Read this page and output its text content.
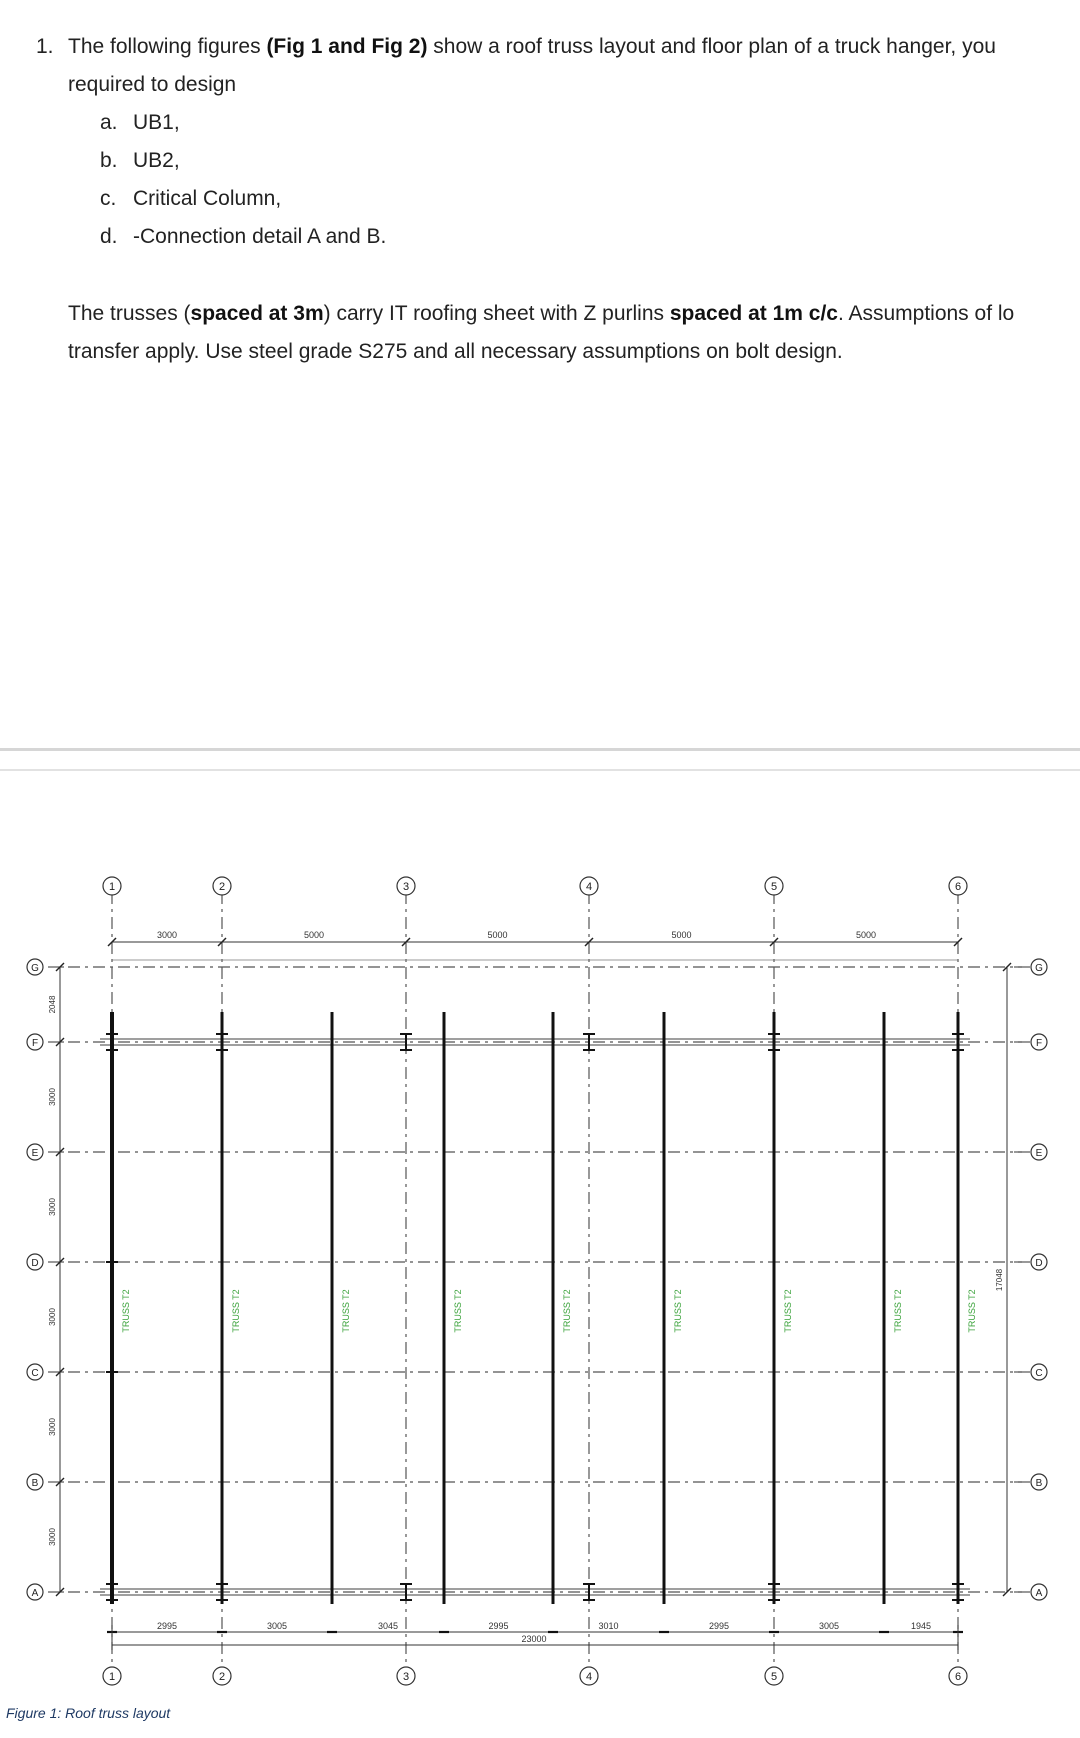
1. The following figures (Fig 1 and Fig 2) show a roof truss layout and floor plan of a truck hanger, you
required to design
a. UB1,
b. UB2,
c. Critical Column,
d. -Connection detail A and B.
The trusses (spaced at 3m) carry IT roofing sheet with Z purlins spaced at 1m c/c. Assumptions of lo
transfer apply. Use steel grade S275 and all necessary assumptions on bolt design.
G	G
F	F
E	E
D	D
C	C
B	B
A	A
1
1
2
2
3
3
4
4
5
5
6
6
3000	5000	5000	5000	5000
TRUSS T2	TRUSS T2	TRUSS T2	TRUSS T2	TRUSS T2	TRUSS T2	TRUSS T2	TRUSS T2	TRUSS T2
2048
3000
3000
3000
3000
3000
17048
2995	3005	3045	2995	3010	2995	3005	1945
23000
Figure 1: Roof truss layout
